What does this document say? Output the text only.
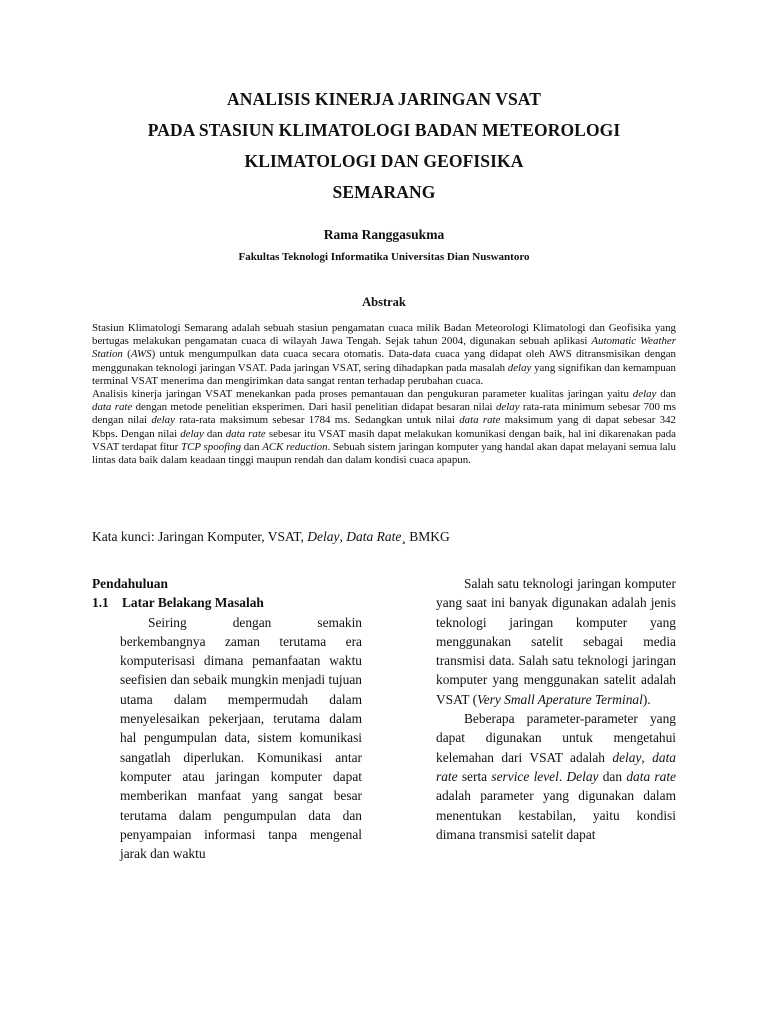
ANALISIS KINERJA JARINGAN VSAT
PADA STASIUN KLIMATOLOGI BADAN METEOROLOGI
KLIMATOLOGI DAN GEOFISIKA
SEMARANG
Rama Ranggasukma
Fakultas Teknologi Informatika Universitas Dian Nuswantoro
Abstrak

Stasiun Klimatologi Semarang adalah sebuah stasiun pengamatan cuaca milik Badan Meteorologi Klimatologi dan Geofisika yang bertugas melakukan pengamatan cuaca di wilayah Jawa Tengah. Sejak tahun 2004, digunakan sebuah aplikasi Automatic Weather Station (AWS) untuk mengumpulkan data cuaca secara otomatis. Data-data cuaca yang didapat oleh AWS ditransmisikan dengan menggunakan teknologi jaringan VSAT. Pada jaringan VSAT, sering dihadapkan pada masalah delay yang signifikan dan kemampuan terminal VSAT menerima dan mengirimkan data sangat rentan terhadap perubahan cuaca.

Analisis kinerja jaringan VSAT menekankan pada proses pemantauan dan pengukuran parameter kualitas jaringan yaitu delay dan data rate dengan metode penelitian eksperimen. Dari hasil penelitian didapat besaran nilai delay rata-rata minimum sebesar 700 ms dengan nilai delay rata-rata maksimum sebesar 1784 ms. Sedangkan untuk nilai data rate maksimum yang di dapat sebesar 342 Kbps. Dengan nilai delay dan data rate sebesar itu VSAT masih dapat melakukan komunikasi dengan baik, hal ini dikarenakan pada VSAT terdapat fitur TCP spoofing dan ACK reduction. Sebuah sistem jaringan komputer yang handal akan dapat melayani semua lalu lintas data baik dalam keadaan tinggi maupun rendah dan dalam kondisi cuaca apapun.

Kata kunci: Jaringan Komputer, VSAT, Delay, Data Rate¸ BMKG
Pendahuluan
1.1 Latar Belakang Masalah

Seiring dengan semakin berkembangnya zaman terutama era komputerisasi dimana pemanfaatan waktu seefisien dan sebaik mungkin menjadi tujuan utama dalam mempermudah dalam menyelesaikan pekerjaan, terutama dalam hal pengumpulan data, sistem komunikasi sangatlah diperlukan. Komunikasi antar komputer atau jaringan komputer dapat memberikan manfaat yang sangat besar terutama dalam pengumpulan data dan penyampaian informasi tanpa mengenal jarak dan waktu

Salah satu teknologi jaringan komputer yang saat ini banyak digunakan adalah jenis teknologi jaringan komputer yang menggunakan satelit sebagai media transmisi data. Salah satu teknologi jaringan komputer yang menggunakan satelit adalah VSAT (Very Small Aperature Terminal).

Beberapa parameter-parameter yang dapat digunakan untuk mengetahui kelemahan dari VSAT adalah delay, data rate serta service level. Delay dan data rate adalah parameter yang digunakan dalam menentukan kestabilan, yaitu kondisi dimana transmisi satelit dapat
